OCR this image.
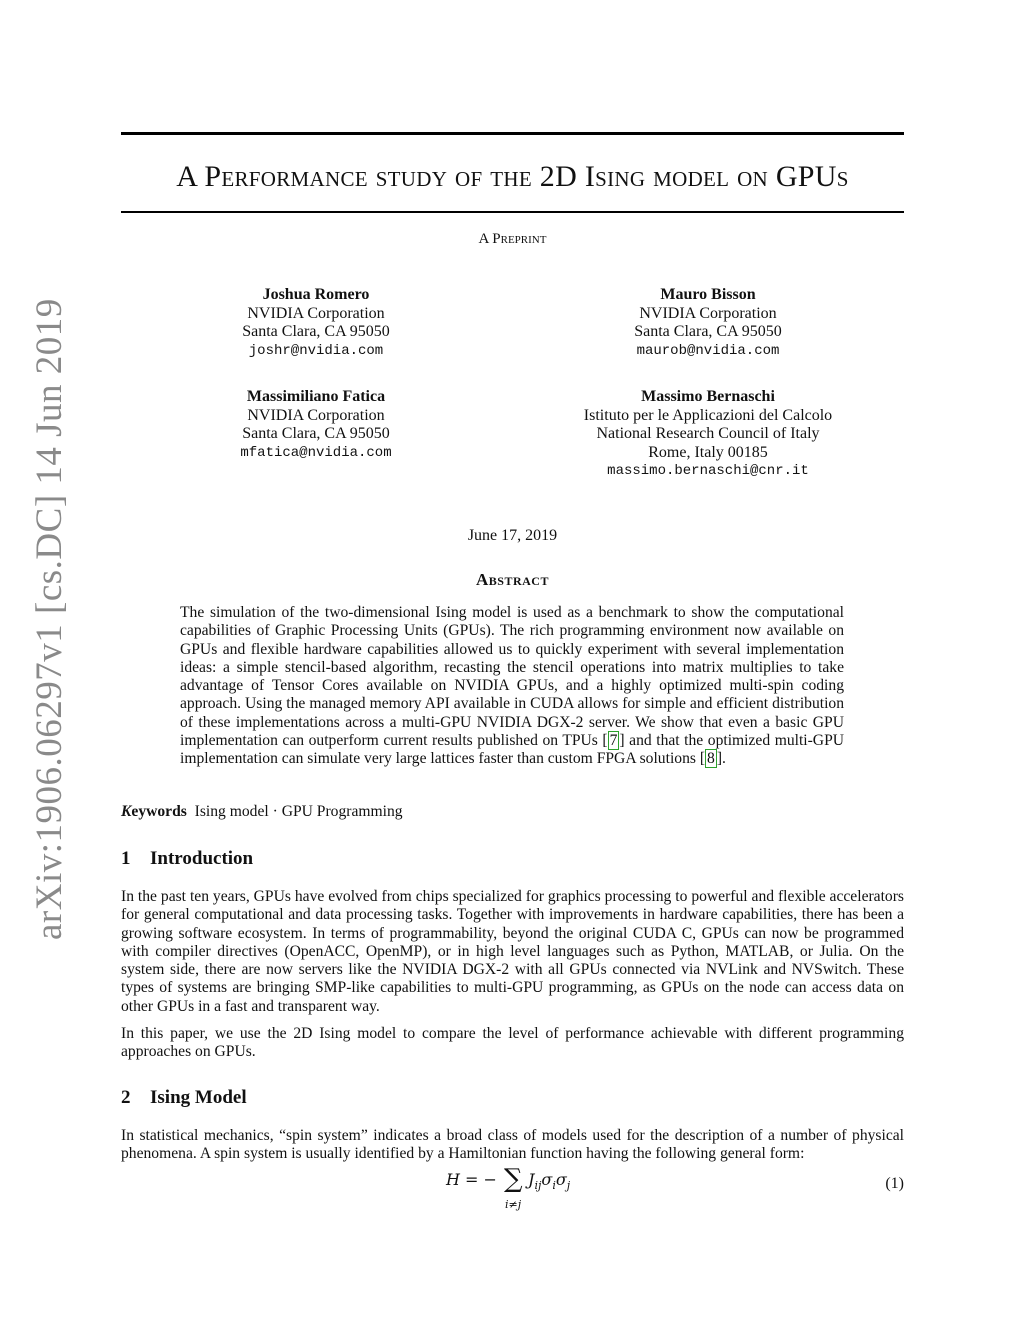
arXiv:1906.06297v1 [cs.DC] 14 Jun 2019
A Performance study of the 2D Ising model on GPUs
A Preprint
Joshua Romero
NVIDIA Corporation
Santa Clara, CA 95050
joshr@nvidia.com
Mauro Bisson
NVIDIA Corporation
Santa Clara, CA 95050
maurob@nvidia.com
Massimiliano Fatica
NVIDIA Corporation
Santa Clara, CA 95050
mfatica@nvidia.com
Massimo Bernaschi
Istituto per le Applicazioni del Calcolo
National Research Council of Italy
Rome, Italy 00185
massimo.bernaschi@cnr.it
June 17, 2019
Abstract
The simulation of the two-dimensional Ising model is used as a benchmark to show the computational capabilities of Graphic Processing Units (GPUs). The rich programming environment now available on GPUs and flexible hardware capabilities allowed us to quickly experiment with several implementation ideas: a simple stencil-based algorithm, recasting the stencil operations into matrix multiplies to take advantage of Tensor Cores available on NVIDIA GPUs, and a highly optimized multi-spin coding approach. Using the managed memory API available in CUDA allows for simple and efficient distribution of these implementations across a multi-GPU NVIDIA DGX-2 server. We show that even a basic GPU implementation can outperform current results published on TPUs [ 7 ] and that the optimized multi-GPU implementation can simulate very large lattices faster than custom FPGA solutions [ 8 ].
Keywords Ising model · GPU Programming
1 Introduction
In the past ten years, GPUs have evolved from chips specialized for graphics processing to powerful and flexible accelerators for general computational and data processing tasks. Together with improvements in hardware capabilities, there has been a growing software ecosystem. In terms of programmability, beyond the original CUDA C, GPUs can now be programmed with compiler directives (OpenACC, OpenMP), or in high level languages such as Python, MATLAB, or Julia. On the system side, there are now servers like the NVIDIA DGX-2 with all GPUs connected via NVLink and NVSwitch. These types of systems are bringing SMP-like capabilities to multi-GPU programming, as GPUs on the node can access data on other GPUs in a fast and transparent way.
In this paper, we use the 2D Ising model to compare the level of performance achievable with different programming approaches on GPUs.
2 Ising Model
In statistical mechanics, “spin system” indicates a broad class of models used for the description of a number of physical phenomena. A spin system is usually identified by a Hamiltonian function having the following general form:
H = − ∑
i≠j
$J_{ij}\sigma_i\sigma_j$	(1)
